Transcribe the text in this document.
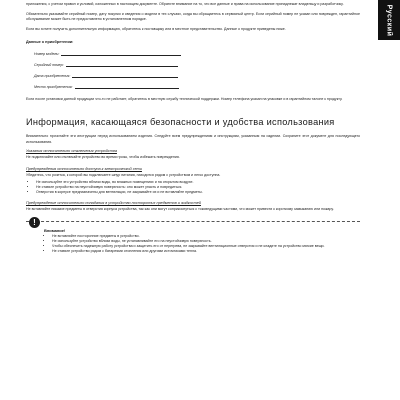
Русский

приложения, с учетом правил и условий, изложенных в настоящем документе. Обратите внимание на то, что все данные и права на использование принадлежат владельцу и разработчику.

Обязательно указывайте серийный номер, дату покупки и сведения о модели в тех случаях, когда вы обращаетесь в сервисный центр. Если серийный номер не указан или поврежден, гарантийное обслуживание может быть не предоставлено в установленном порядке.

Если вы хотите получить дополнительную информацию, обратитесь к поставщику или в местное представительство. Данные о продукте приведены ниже.

Данные о приобретении:
Номер модели:
Серийный номер:
Дата приобретения:
Место приобретения:

Если после установки данной продукции что-то не работает, обратитесь в местную службу технической поддержки. Номер телефона указан на упаковке и в гарантийном талоне к продукту.

Информация, касающаяся безопасности и удобства использования

Внимательно прочитайте эти инструкции перед использованием изделия. Следуйте всем предупреждениям и инструкциям, указанным на изделии. Сохраните этот документ для последующего использования.

Указания относительно отключения устройства

Не подключайте или отключайте устройство во время грозы, чтобы избежать повреждения.

Предупреждения относительно доступа к электрической сети

Убедитесь, что розетка, к которой вы подключаете шнур питания, находится рядом с устройством и легко доступна.

• Не используйте это устройство вблизи воды, во влажных помещениях и на открытом воздухе.
• Не ставьте устройство на неустойчивую поверхность: оно может упасть и повредиться.
• Отверстия в корпусе предназначены для вентиляции, не закрывайте их и не вставляйте предметы.
Предупреждение относительно попадания в устройство посторонних предметов и жидкостей

Не вставляйте никакие предметы в отверстия корпуса устройства, так как они могут соприкоснуться с токоведущими частями, что может привести к короткому замыканию или пожару.

!
Внимание!
• Не вставляйте посторонние предметы в устройство.
• Не используйте устройство вблизи воды, не устанавливайте его на неустойчивую поверхность.
• Чтобы обеспечить надежную работу устройства и защитить его от перегрева, не закрывайте вентиляционные отверстия и не кладите на устройство мягкие вещи.
• Не ставьте устройство рядом с батареями отопления или другими источниками тепла.
